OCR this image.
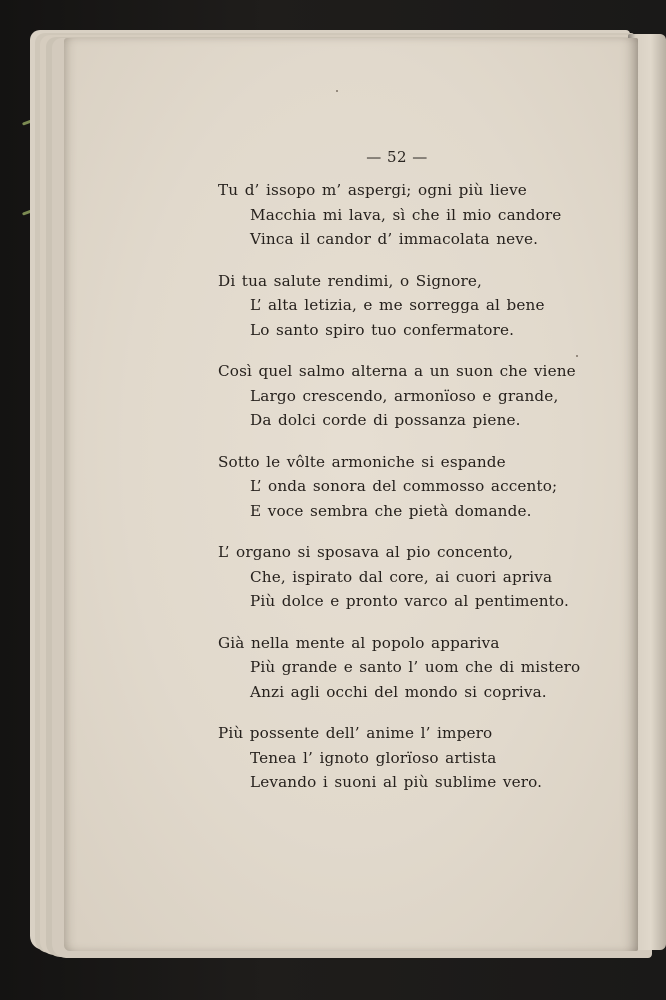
— 52 —
Tu d’ issopo m’ aspergi; ogni più lieve
Macchia mi lava, sì che il mio candore
Vinca il candor d’ immacolata neve.
Di tua salute rendimi, o Signore,
L’ alta letizia, e me sorregga al bene
Lo santo spiro tuo confermatore.
Così quel salmo alterna a un suon che viene
Largo crescendo, armonïoso e grande,
Da dolci corde di possanza piene.
Sotto le vôlte armoniche si espande
L’ onda sonora del commosso accento;
E voce sembra che pietà domande.
L’ organo si sposava al pio concento,
Che, ispirato dal core, ai cuori apriva
Più dolce e pronto varco al pentimento.
Già nella mente al popolo appariva
Più grande e santo l’ uom che di mistero
Anzi agli occhi del mondo si copriva.
Più possente dell’ anime l’ impero
Tenea l’ ignoto glorïoso artista
Levando i suoni al più sublime vero.
